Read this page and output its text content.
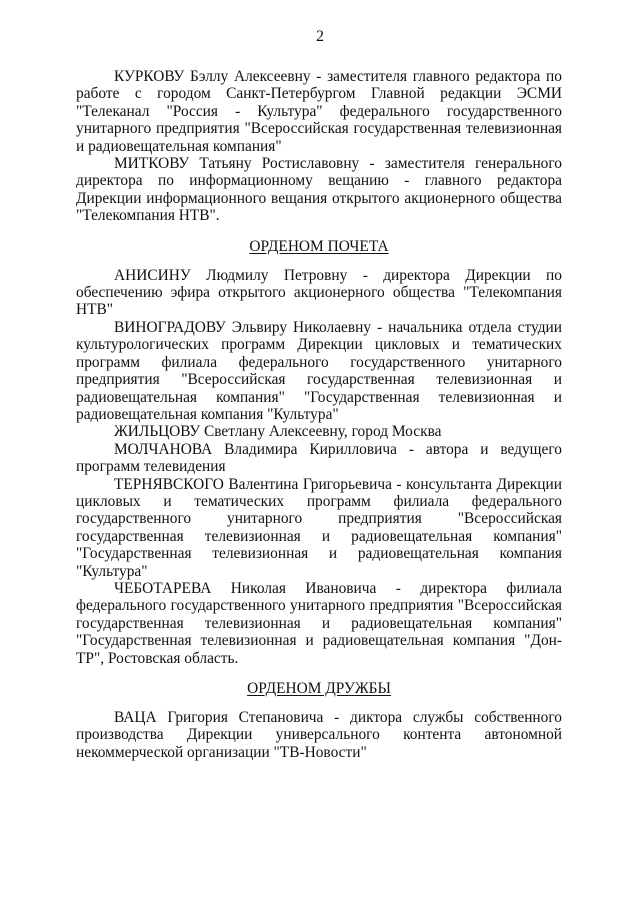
2

КУРКОВУ Бэллу Алексеевну - заместителя главного редактора по работе с городом Санкт-Петербургом Главной редакции ЭСМИ "Телеканал "Россия - Культура" федерального государственного унитарного предприятия "Всероссийская государственная телевизионная и радиовещательная компания"

МИТКОВУ Татьяну Ростиславовну - заместителя генерального директора по информационному вещанию - главного редактора Дирекции информационного вещания открытого акционерного общества "Телекомпания НТВ".

ОРДЕНОМ ПОЧЕТА

АНИСИНУ Людмилу Петровну - директора Дирекции по обеспечению эфира открытого акционерного общества "Телекомпания НТВ"

ВИНОГРАДОВУ Эльвиру Николаевну - начальника отдела студии культурологических программ Дирекции цикловых и тематических программ филиала федерального государственного унитарного предприятия "Всероссийская государственная телевизионная и радиовещательная компания" "Государственная телевизионная и радиовещательная компания "Культура"

ЖИЛЬЦОВУ Светлану Алексеевну, город Москва

МОЛЧАНОВА Владимира Кирилловича - автора и ведущего программ телевидения

ТЕРНЯВСКОГО Валентина Григорьевича - консультанта Дирекции цикловых и тематических программ филиала федерального государственного унитарного предприятия "Всероссийская государственная телевизионная и радиовещательная компания" "Государственная телевизионная и радиовещательная компания "Культура"

ЧЕБОТАРЕВА Николая Ивановича - директора филиала федерального государственного унитарного предприятия "Всероссийская государственная телевизионная и радиовещательная компания" "Государственная телевизионная и радиовещательная компания "Дон-ТР", Ростовская область.

ОРДЕНОМ ДРУЖБЫ

ВАЦА Григория Степановича - диктора службы собственного производства Дирекции универсального контента автономной некоммерческой организации "ТВ-Новости"
